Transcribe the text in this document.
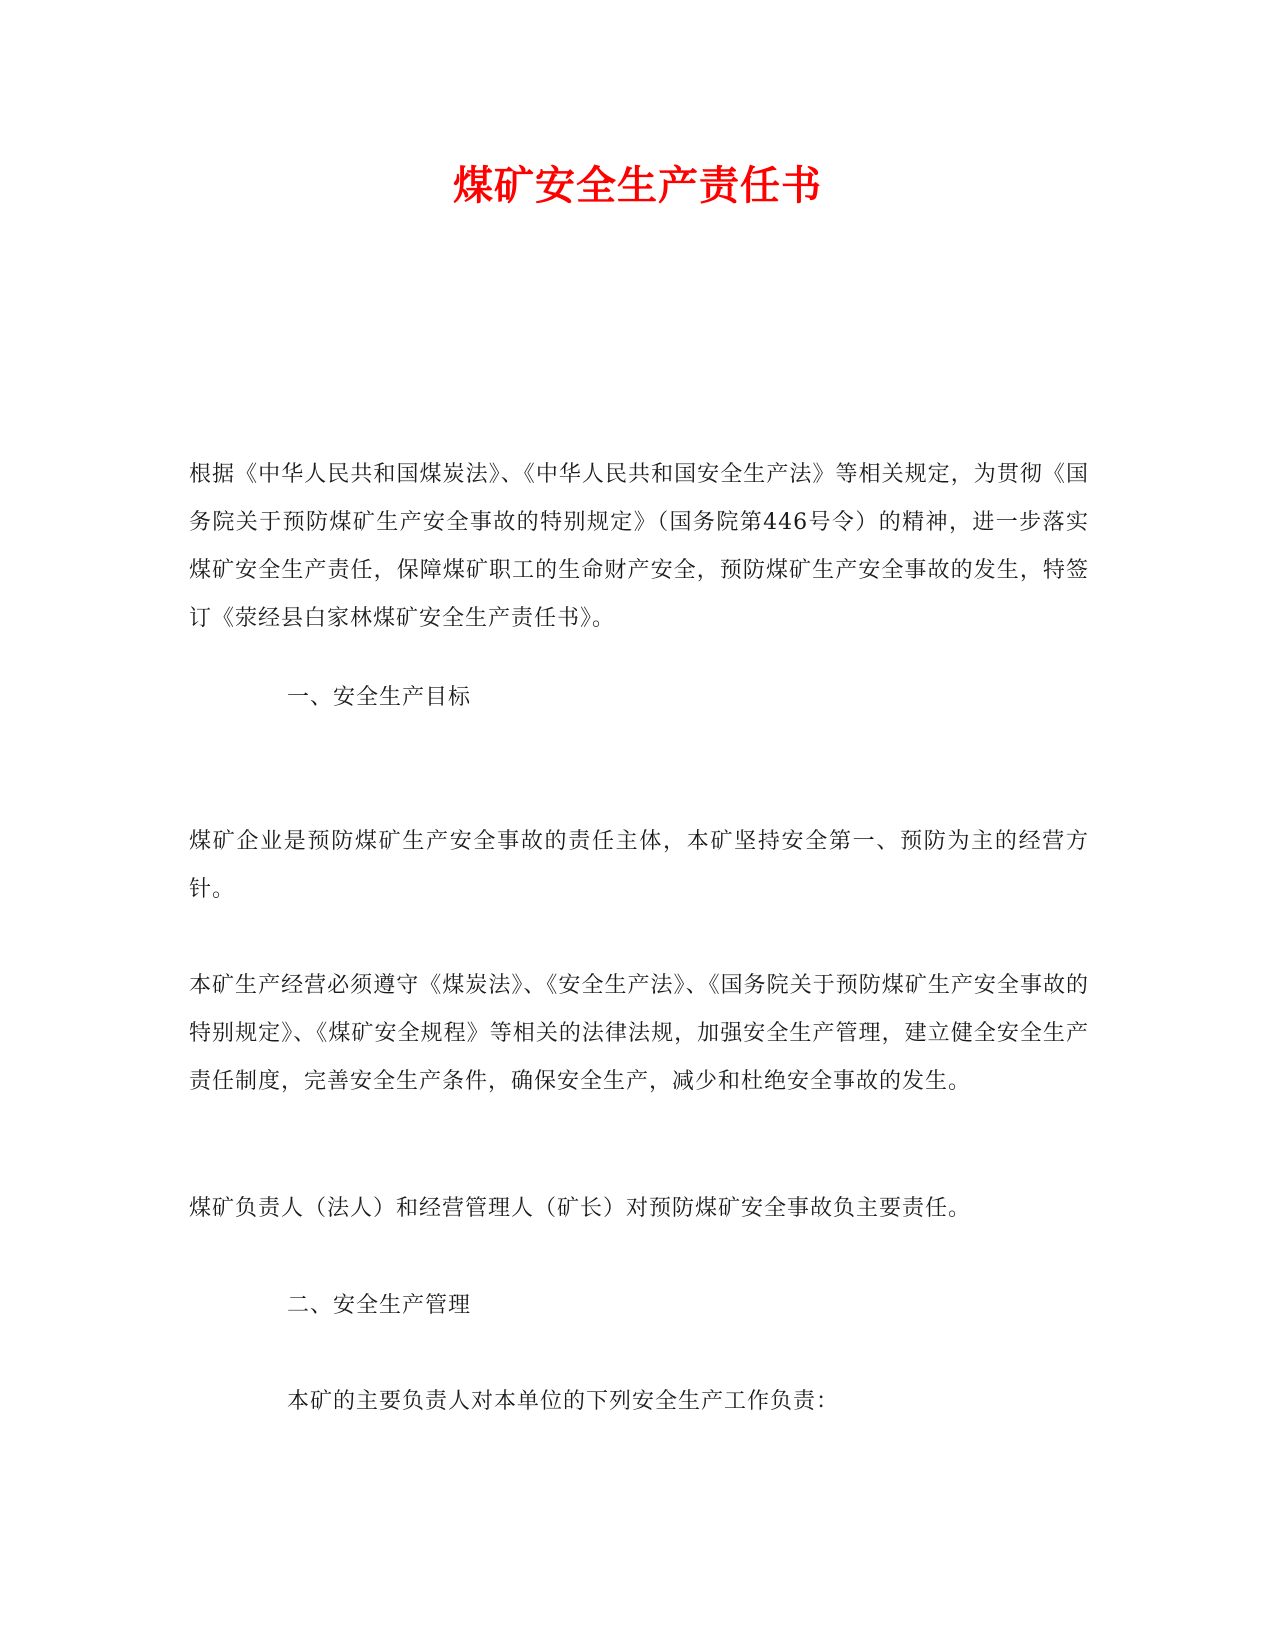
煤矿安全生产责任书

根据《中华人民共和国煤炭法》、《中华人民共和国安全生产法》等相关规定，为贯彻《国务院关于预防煤矿生产安全事故的特别规定》（国务院第446号令）的精神，进一步落实煤矿安全生产责任，保障煤矿职工的生命财产安全，预防煤矿生产安全事故的发生，特签订《荥经县白家林煤矿安全生产责任书》。

一、安全生产目标

煤矿企业是预防煤矿生产安全事故的责任主体，本矿坚持安全第一、预防为主的经营方针。

本矿生产经营必须遵守《煤炭法》、《安全生产法》、《国务院关于预防煤矿生产安全事故的特别规定》、《煤矿安全规程》等相关的法律法规，加强安全生产管理，建立健全安全生产责任制度，完善安全生产条件，确保安全生产，减少和杜绝安全事故的发生。

煤矿负责人（法人）和经营管理人（矿长）对预防煤矿安全事故负主要责任。

二、安全生产管理

本矿的主要负责人对本单位的下列安全生产工作负责：
